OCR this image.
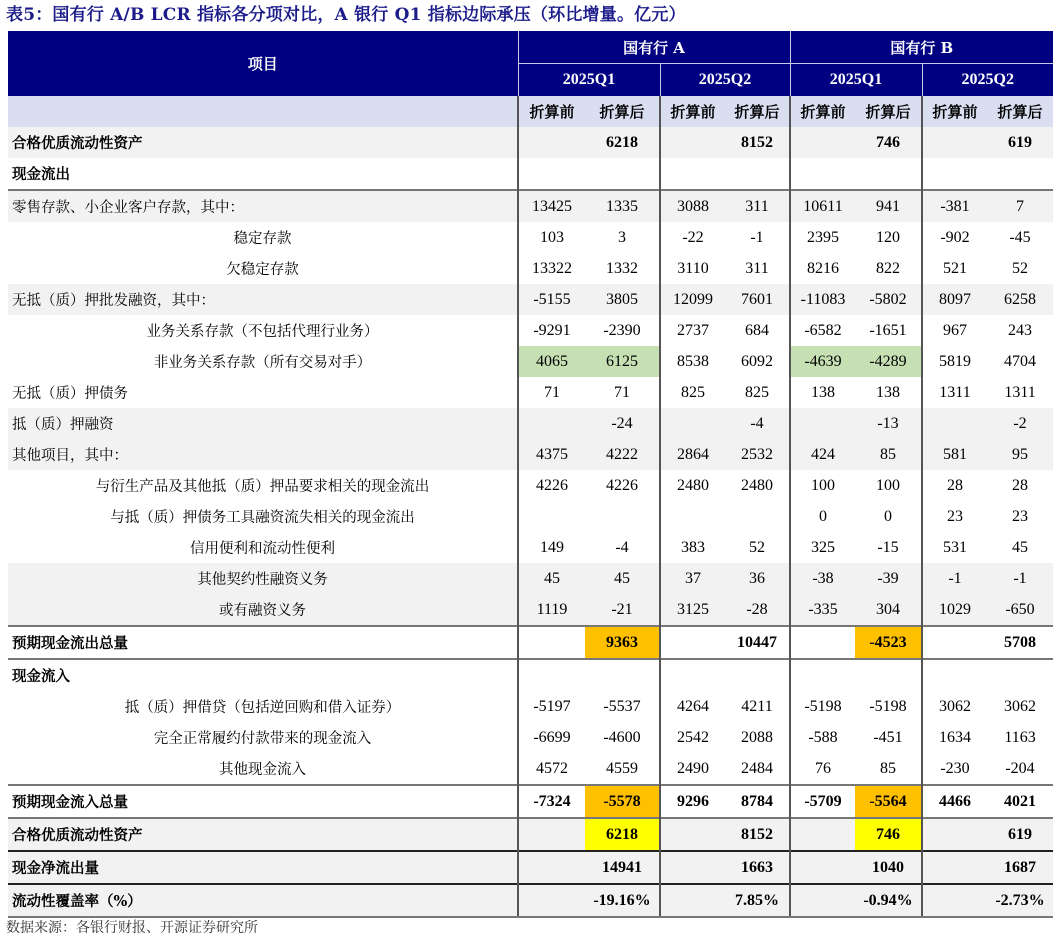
表5：国有行 A/B LCR 指标各分项对比，A 银行 Q1 指标边际承压（环比增量。亿元）
项目	国有行 A				国有行 B			
	2025Q1		2025Q2		2025Q1		2025Q2	
	折算前	折算后	折算前	折算后	折算前	折算后	折算前	折算后
合格优质流动性资产		6218		8152		746		619
现金流出								
零售存款、小企业客户存款，其中：	13425	1335	3088	311	10611	941	-381	7
稳定存款	103	3	-22	-1	2395	120	-902	-45
欠稳定存款	13322	1332	3110	311	8216	822	521	52
无抵（质）押批发融资，其中：	-5155	3805	12099	7601	-11083	-5802	8097	6258
业务关系存款（不包括代理行业务）	-9291	-2390	2737	684	-6582	-1651	967	243
非业务关系存款（所有交易对手）	4065	6125	8538	6092	-4639	-4289	5819	4704
无抵（质）押债务	71	71	825	825	138	138	1311	1311
抵（质）押融资		-24		-4		-13		-2
其他项目，其中：	4375	4222	2864	2532	424	85	581	95
与衍生产品及其他抵（质）押品要求相关的现金流出	4226	4226	2480	2480	100	100	28	28
与抵（质）押债务工具融资流失相关的现金流出					0	0	23	23
信用便利和流动性便利	149	-4	383	52	325	-15	531	45
其他契约性融资义务	45	45	37	36	-38	-39	-1	-1
或有融资义务	1119	-21	3125	-28	-335	304	1029	-650
预期现金流出总量		9363		10447		-4523		5708
现金流入								
抵（质）押借贷（包括逆回购和借入证券）	-5197	-5537	4264	4211	-5198	-5198	3062	3062
完全正常履约付款带来的现金流入	-6699	-4600	2542	2088	-588	-451	1634	1163
其他现金流入	4572	4559	2490	2484	76	85	-230	-204
预期现金流入总量	-7324	-5578	9296	8784	-5709	-5564	4466	4021
合格优质流动性资产		6218		8152		746		619
现金净流出量		14941		1663		1040		1687
流动性覆盖率（%）		-19.16%		7.85%		-0.94%		-2.73%
数据来源：各银行财报、开源证券研究所
